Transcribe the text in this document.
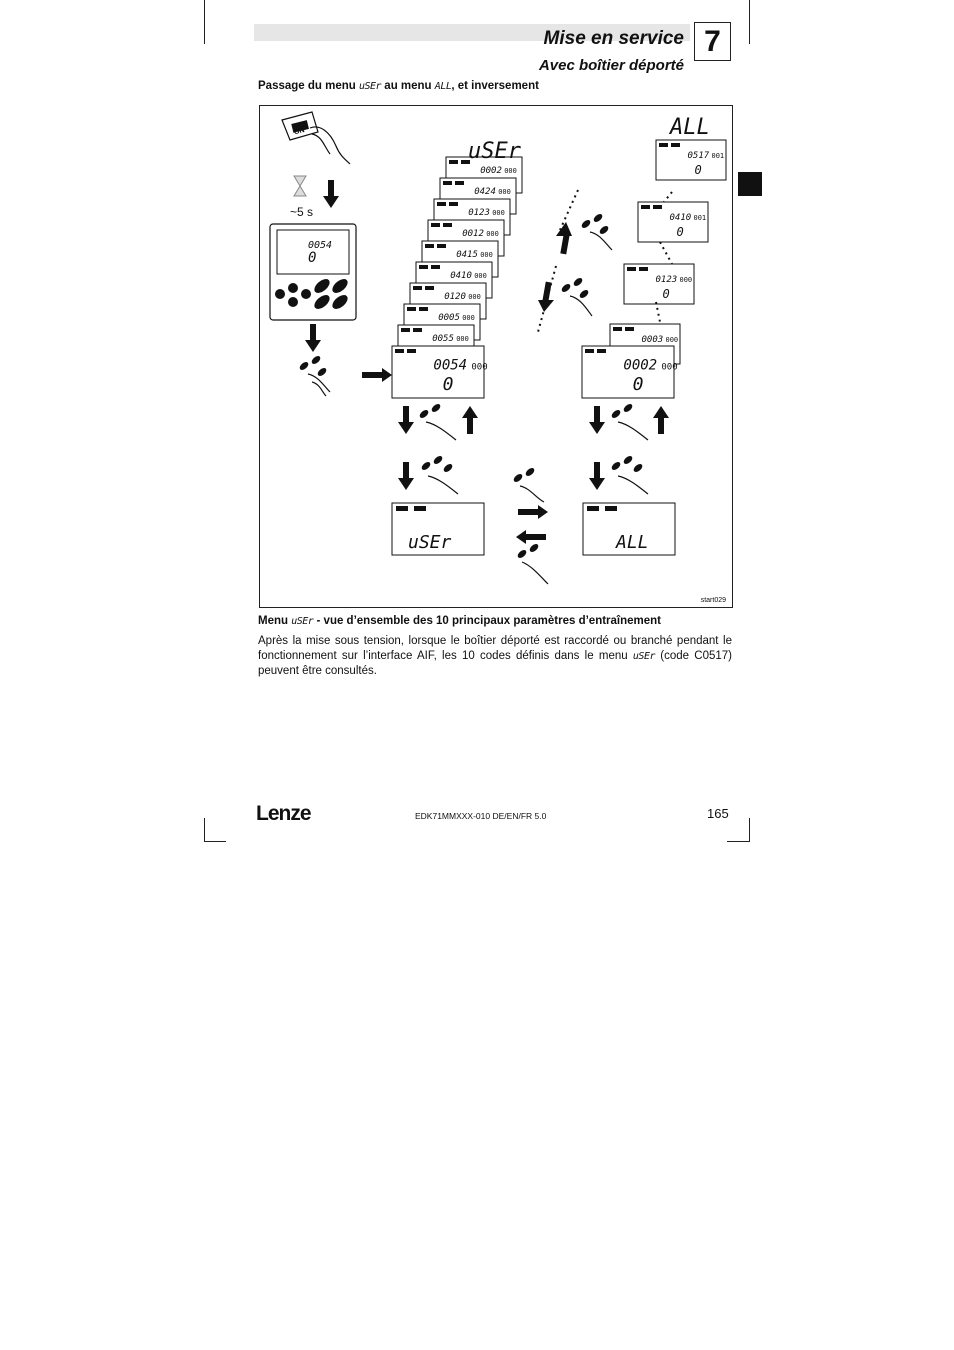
Mise en service
Avec boîtier déporté
7
Passage du menu uSEr au menu ALL, et inversement
ON
~5 s
0054
0
0002 000
0424 000
0123 000
0012 000
0415 000
0410 000
0120 000
0005 000
0055 000
0054 000
0
0517 001
0
0410 001
0
0123 000
0
0003 000
0002 000
0
uSEr
ALL
uSEr	ALL
start029
Menu uSEr - vue d’ensemble des 10 principaux paramètres d’entraînement
Après la mise sous tension, lorsque le boîtier déporté est raccordé ou branché pendant le fonctionnement sur l’interface AIF, les 10 codes définis dans le menu uSEr (code C0517) peuvent être consultés.
Lenze	EDK71MMXXX-010 DE/EN/FR 5.0	165
